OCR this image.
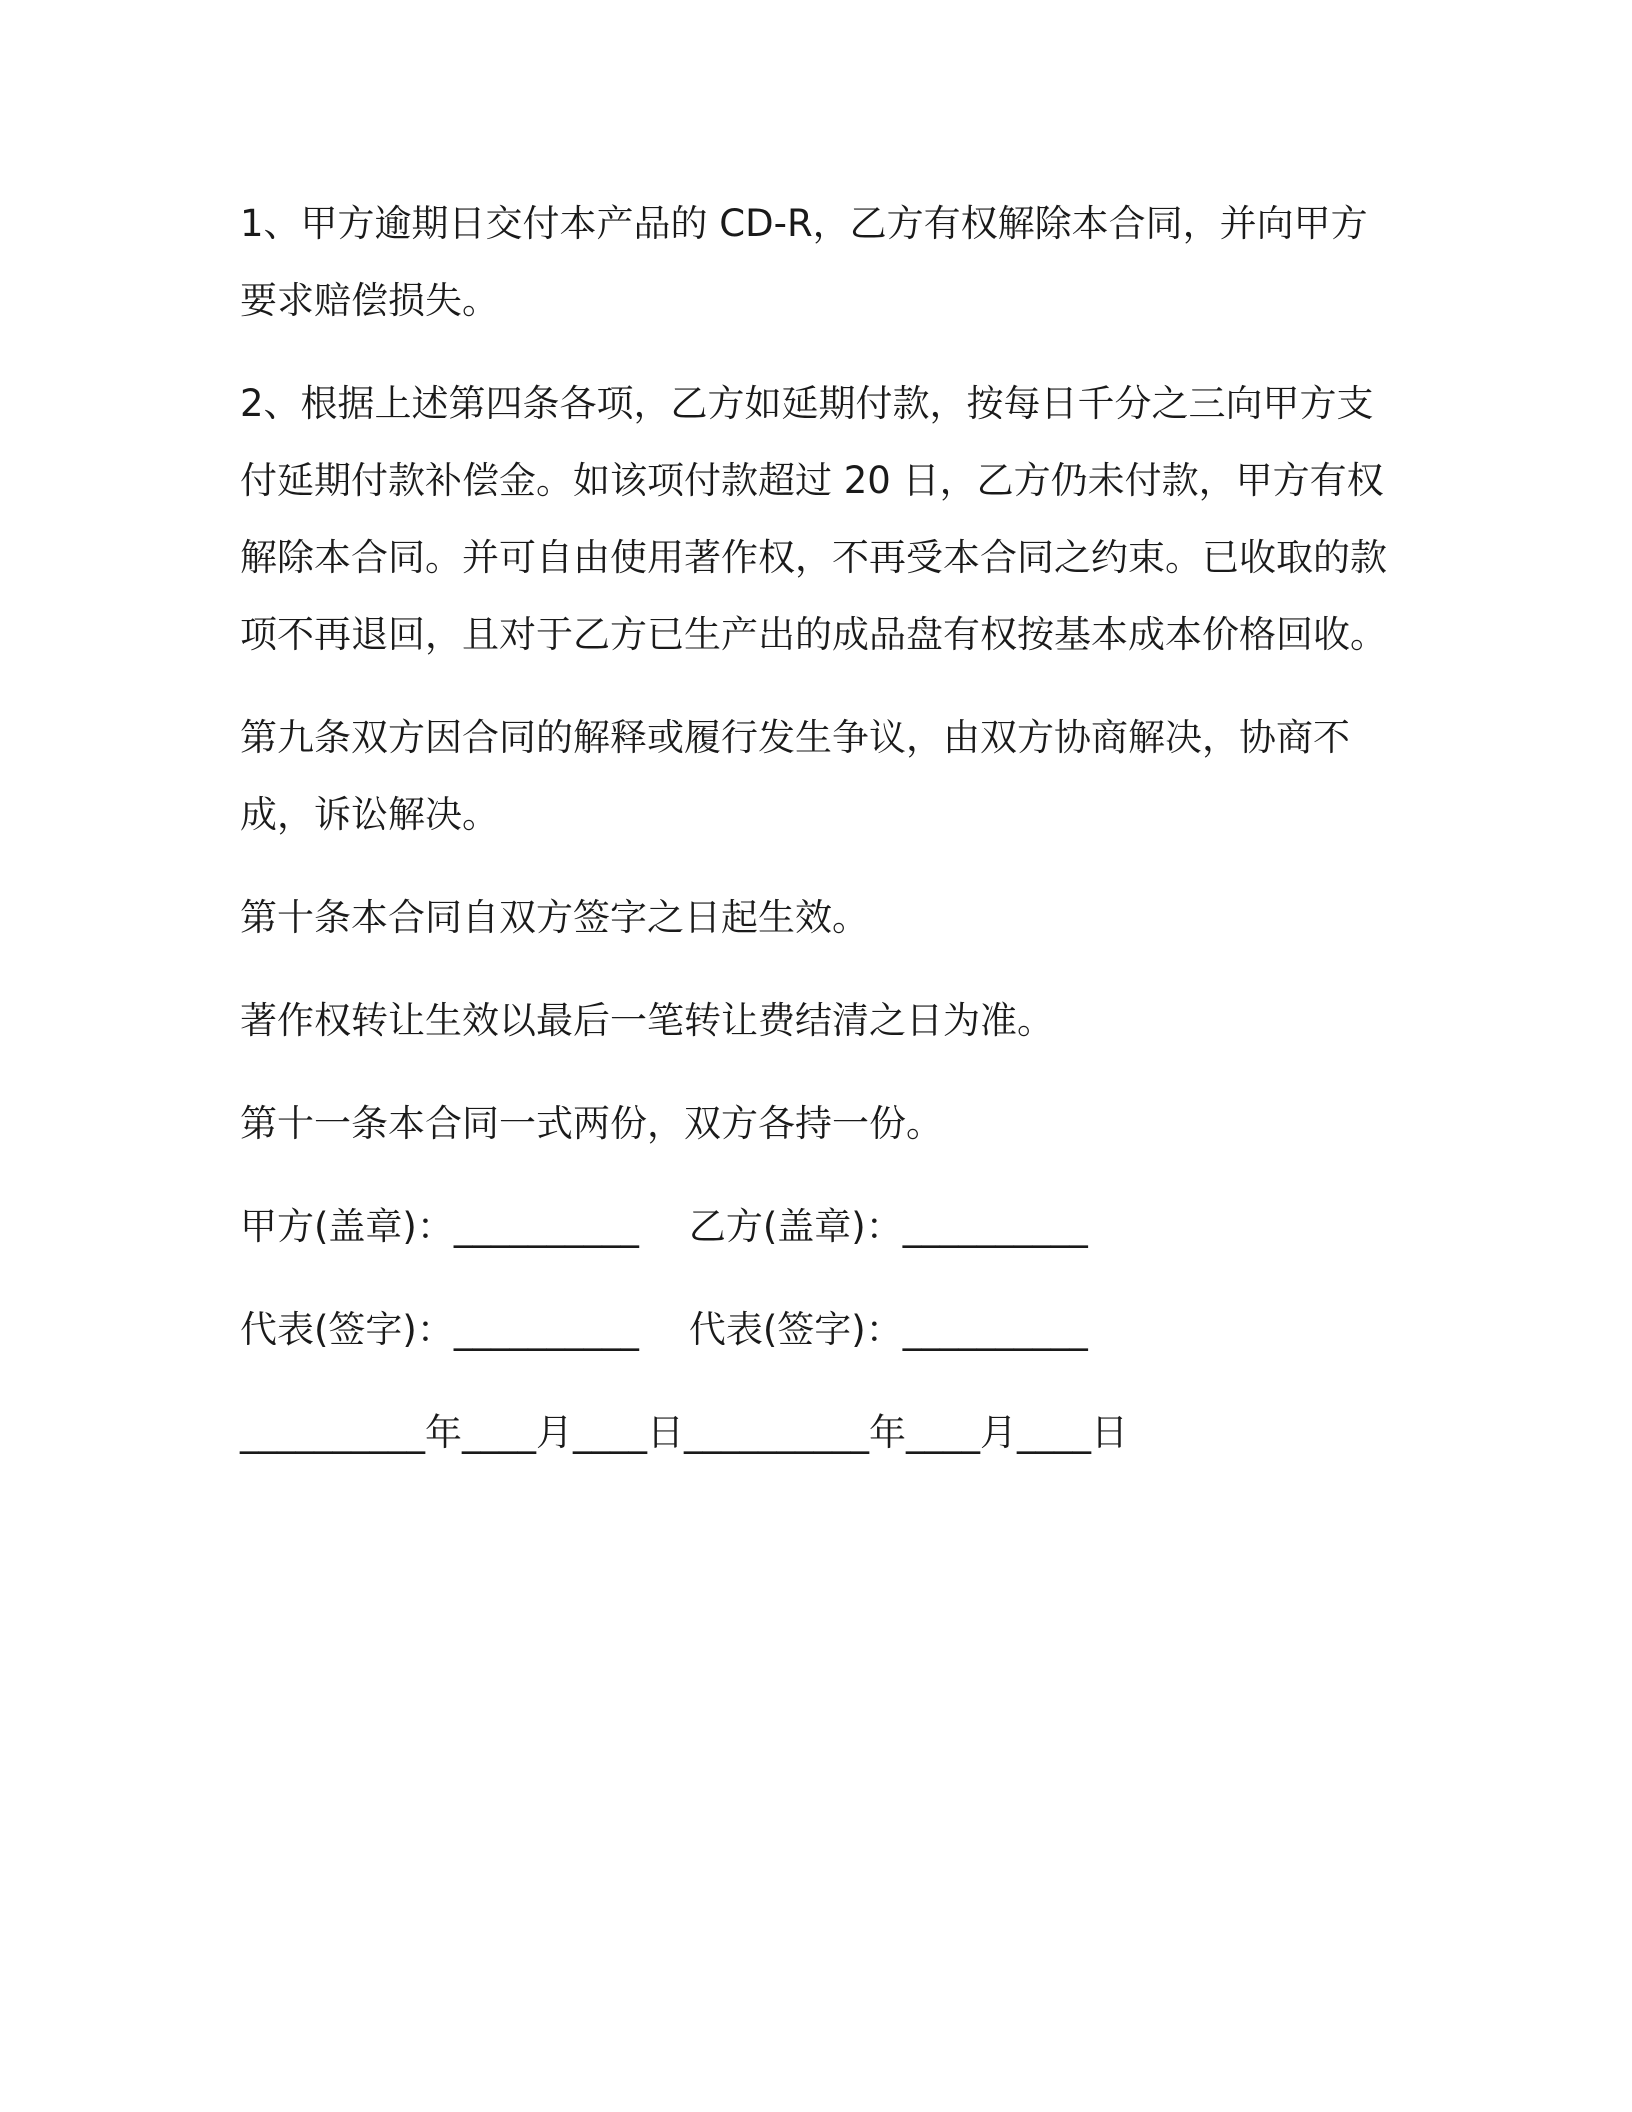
1、甲方逾期日交付本产品的 CD-R，乙方有权解除本合同，并向甲方要求赔偿损失。

2、根据上述第四条各项，乙方如延期付款，按每日千分之三向甲方支付延期付款补偿金。如该项付款超过 20 日，乙方仍未付款，甲方有权解除本合同。并可自由使用著作权，不再受本合同之约束。已收取的款项不再退回，且对于乙方已生产出的成品盘有权按基本成本价格回收。

第九条双方因合同的解释或履行发生争议，由双方协商解决，协商不成，诉讼解决。

第十条本合同自双方签字之日起生效。

著作权转让生效以最后一笔转让费结清之日为准。

第十一条本合同一式两份，双方各持一份。

甲方(盖章)：__________ 乙方(盖章)：__________
代表(签字)：__________ 代表(签字)：__________
__________年____月____日__________年____月____日
